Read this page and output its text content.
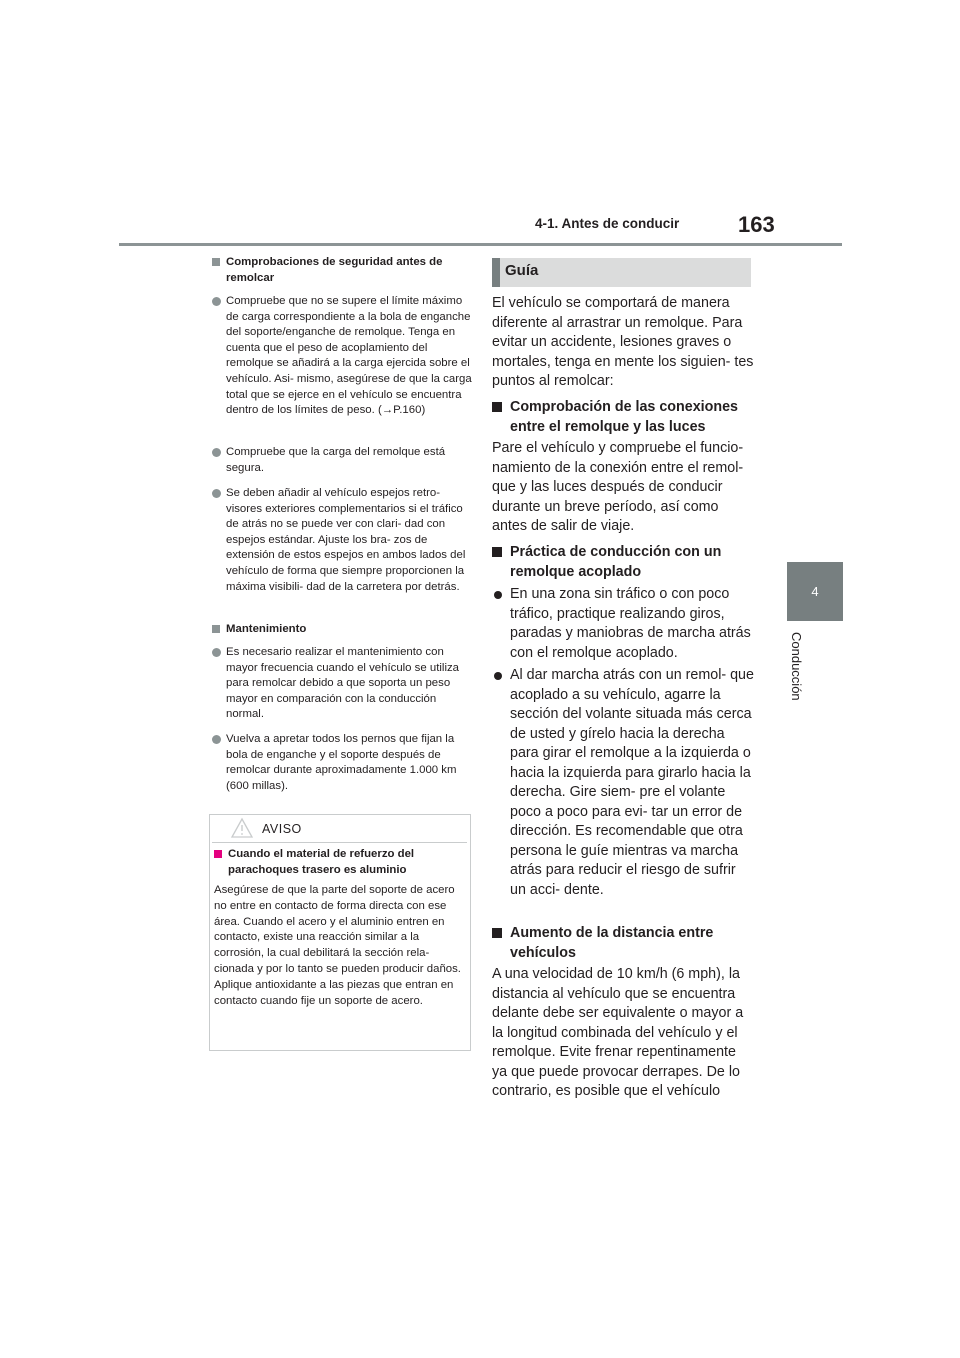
4-1. Antes de conducir	163
4
Conducción
Comprobaciones de seguridad antes de remolcar
Compruebe que no se supere el límite máximo de carga correspondiente a la bola de enganche del soporte/enganche de remolque. Tenga en cuenta que el peso de acoplamiento del remolque se añadirá a la carga ejercida sobre el vehículo. Asi- mismo, asegúrese de que la carga total que se ejerce en el vehículo se encuentra dentro de los límites de peso. (→P.160)
Compruebe que la carga del remolque está segura.
Se deben añadir al vehículo espejos retro- visores exteriores complementarios si el tráfico de atrás no se puede ver con clari- dad con espejos estándar. Ajuste los bra- zos de extensión de estos espejos en ambos lados del vehículo de forma que siempre proporcionen la máxima visibili- dad de la carretera por detrás.
Mantenimiento
Es necesario realizar el mantenimiento con mayor frecuencia cuando el vehículo se utiliza para remolcar debido a que soporta un peso mayor en comparación con la conducción normal.
Vuelva a apretar todos los pernos que fijan la bola de enganche y el soporte después de remolcar durante aproximadamente 1.000 km (600 millas).
AVISO
Cuando el material de refuerzo del parachoques trasero es aluminio
Asegúrese de que la parte del soporte de acero no entre en contacto de forma directa con ese área. Cuando el acero y el aluminio entren en contacto, existe una reacción similar a la corrosión, la cual debilitará la sección rela- cionada y por lo tanto se pueden producir daños. Aplique antioxidante a las piezas que entran en contacto cuando fije un soporte de acero.
Guía
El vehículo se comportará de manera diferente al arrastrar un remolque. Para evitar un accidente, lesiones graves o mortales, tenga en mente los siguien- tes puntos al remolcar:
Comprobación de las conexiones entre el remolque y las luces
Pare el vehículo y compruebe el funcio- namiento de la conexión entre el remol- que y las luces después de conducir durante un breve período, así como antes de salir de viaje.
Práctica de conducción con un remolque acoplado
En una zona sin tráfico o con poco tráfico, practique realizando giros, paradas y maniobras de marcha atrás con el remolque acoplado.
Al dar marcha atrás con un remol- que acoplado a su vehículo, agarre la sección del volante situada más cerca de usted y gírelo hacia la derecha para girar el remolque a la izquierda o hacia la izquierda para girarlo hacia la derecha. Gire siem- pre el volante poco a poco para evi- tar un error de dirección. Es recomendable que otra persona le guíe mientras va marcha atrás para reducir el riesgo de sufrir un acci- dente.
Aumento de la distancia entre vehículos
A una velocidad de 10 km/h (6 mph), la distancia al vehículo que se encuentra delante debe ser equivalente o mayor a la longitud combinada del vehículo y el remolque. Evite frenar repentinamente ya que puede provocar derrapes. De lo contrario, es posible que el vehículo
